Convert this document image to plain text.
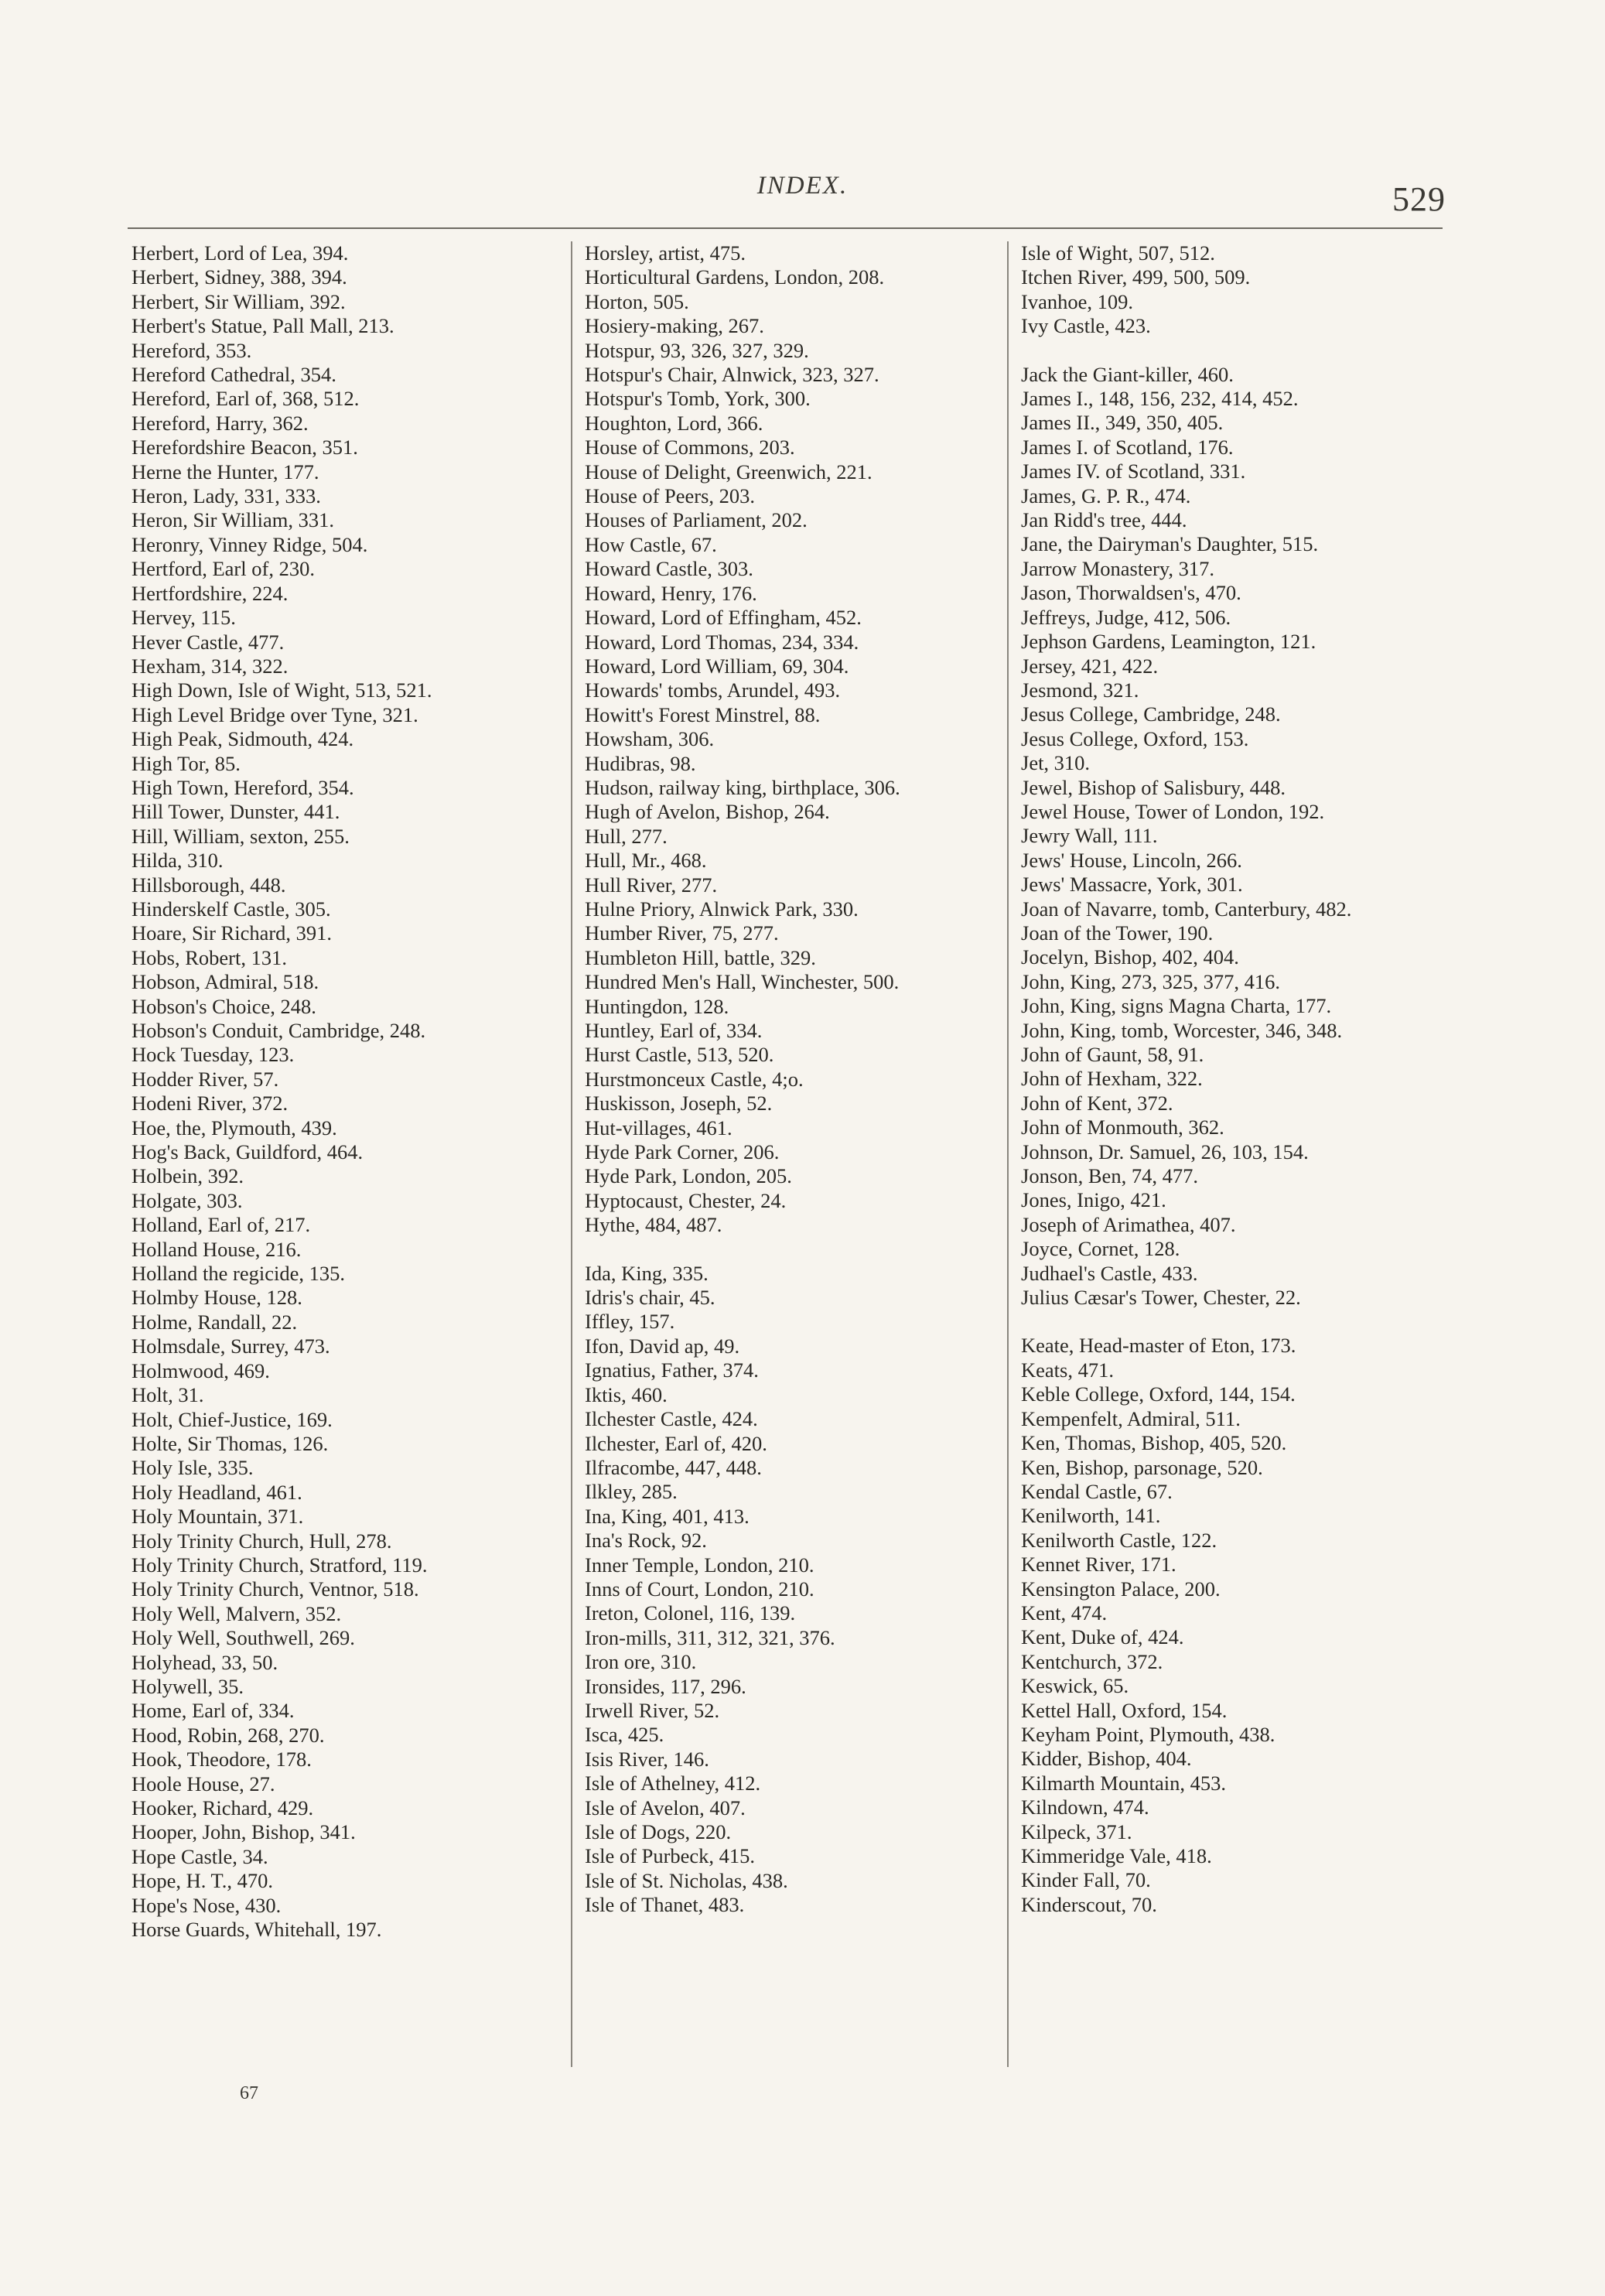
INDEX.	529
Herbert, Lord of Lea, 394.
Herbert, Sidney, 388, 394.
Herbert, Sir William, 392.
Herbert's Statue, Pall Mall, 213.
Hereford, 353.
Hereford Cathedral, 354.
Hereford, Earl of, 368, 512.
Hereford, Harry, 362.
Herefordshire Beacon, 351.
Herne the Hunter, 177.
Heron, Lady, 331, 333.
Heron, Sir William, 331.
Heronry, Vinney Ridge, 504.
Hertford, Earl of, 230.
Hertfordshire, 224.
Hervey, 115.
Hever Castle, 477.
Hexham, 314, 322.
High Down, Isle of Wight, 513, 521.
High Level Bridge over Tyne, 321.
High Peak, Sidmouth, 424.
High Tor, 85.
High Town, Hereford, 354.
Hill Tower, Dunster, 441.
Hill, William, sexton, 255.
Hilda, 310.
Hillsborough, 448.
Hinderskelf Castle, 305.
Hoare, Sir Richard, 391.
Hobs, Robert, 131.
Hobson, Admiral, 518.
Hobson's Choice, 248.
Hobson's Conduit, Cambridge, 248.
Hock Tuesday, 123.
Hodder River, 57.
Hodeni River, 372.
Hoe, the, Plymouth, 439.
Hog's Back, Guildford, 464.
Holbein, 392.
Holgate, 303.
Holland, Earl of, 217.
Holland House, 216.
Holland the regicide, 135.
Holmby House, 128.
Holme, Randall, 22.
Holmsdale, Surrey, 473.
Holmwood, 469.
Holt, 31.
Holt, Chief-Justice, 169.
Holte, Sir Thomas, 126.
Holy Isle, 335.
Holy Headland, 461.
Holy Mountain, 371.
Holy Trinity Church, Hull, 278.
Holy Trinity Church, Stratford, 119.
Holy Trinity Church, Ventnor, 518.
Holy Well, Malvern, 352.
Holy Well, Southwell, 269.
Holyhead, 33, 50.
Holywell, 35.
Home, Earl of, 334.
Hood, Robin, 268, 270.
Hook, Theodore, 178.
Hoole House, 27.
Hooker, Richard, 429.
Hooper, John, Bishop, 341.
Hope Castle, 34.
Hope, H. T., 470.
Hope's Nose, 430.
Horse Guards, Whitehall, 197.
Horsley, artist, 475.
Horticultural Gardens, London, 208.
Horton, 505.
Hosiery-making, 267.
Hotspur, 93, 326, 327, 329.
Hotspur's Chair, Alnwick, 323, 327.
Hotspur's Tomb, York, 300.
Houghton, Lord, 366.
House of Commons, 203.
House of Delight, Greenwich, 221.
House of Peers, 203.
Houses of Parliament, 202.
How Castle, 67.
Howard Castle, 303.
Howard, Henry, 176.
Howard, Lord of Effingham, 452.
Howard, Lord Thomas, 234, 334.
Howard, Lord William, 69, 304.
Howards' tombs, Arundel, 493.
Howitt's Forest Minstrel, 88.
Howsham, 306.
Hudibras, 98.
Hudson, railway king, birthplace, 306.
Hugh of Avelon, Bishop, 264.
Hull, 277.
Hull, Mr., 468.
Hull River, 277.
Hulne Priory, Alnwick Park, 330.
Humber River, 75, 277.
Humbleton Hill, battle, 329.
Hundred Men's Hall, Winchester, 500.
Huntingdon, 128.
Huntley, Earl of, 334.
Hurst Castle, 513, 520.
Hurstmonceux Castle, 4;o.
Huskisson, Joseph, 52.
Hut-villages, 461.
Hyde Park Corner, 206.
Hyde Park, London, 205.
Hyptocaust, Chester, 24.
Hythe, 484, 487.
Ida, King, 335.
Idris's chair, 45.
Iffley, 157.
Ifon, David ap, 49.
Ignatius, Father, 374.
Iktis, 460.
Ilchester Castle, 424.
Ilchester, Earl of, 420.
Ilfracombe, 447, 448.
Ilkley, 285.
Ina, King, 401, 413.
Ina's Rock, 92.
Inner Temple, London, 210.
Inns of Court, London, 210.
Ireton, Colonel, 116, 139.
Iron-mills, 311, 312, 321, 376.
Iron ore, 310.
Ironsides, 117, 296.
Irwell River, 52.
Isca, 425.
Isis River, 146.
Isle of Athelney, 412.
Isle of Avelon, 407.
Isle of Dogs, 220.
Isle of Purbeck, 415.
Isle of St. Nicholas, 438.
Isle of Thanet, 483.
Isle of Wight, 507, 512.
Itchen River, 499, 500, 509.
Ivanhoe, 109.
Ivy Castle, 423.
Jack the Giant-killer, 460.
James I., 148, 156, 232, 414, 452.
James II., 349, 350, 405.
James I. of Scotland, 176.
James IV. of Scotland, 331.
James, G. P. R., 474.
Jan Ridd's tree, 444.
Jane, the Dairyman's Daughter, 515.
Jarrow Monastery, 317.
Jason, Thorwaldsen's, 470.
Jeffreys, Judge, 412, 506.
Jephson Gardens, Leamington, 121.
Jersey, 421, 422.
Jesmond, 321.
Jesus College, Cambridge, 248.
Jesus College, Oxford, 153.
Jet, 310.
Jewel, Bishop of Salisbury, 448.
Jewel House, Tower of London, 192.
Jewry Wall, 111.
Jews' House, Lincoln, 266.
Jews' Massacre, York, 301.
Joan of Navarre, tomb, Canterbury, 482.
Joan of the Tower, 190.
Jocelyn, Bishop, 402, 404.
John, King, 273, 325, 377, 416.
John, King, signs Magna Charta, 177.
John, King, tomb, Worcester, 346, 348.
John of Gaunt, 58, 91.
John of Hexham, 322.
John of Kent, 372.
John of Monmouth, 362.
Johnson, Dr. Samuel, 26, 103, 154.
Jonson, Ben, 74, 477.
Jones, Inigo, 421.
Joseph of Arimathea, 407.
Joyce, Cornet, 128.
Judhael's Castle, 433.
Julius Cæsar's Tower, Chester, 22.
Keate, Head-master of Eton, 173.
Keats, 471.
Keble College, Oxford, 144, 154.
Kempenfelt, Admiral, 511.
Ken, Thomas, Bishop, 405, 520.
Ken, Bishop, parsonage, 520.
Kendal Castle, 67.
Kenilworth, 141.
Kenilworth Castle, 122.
Kennet River, 171.
Kensington Palace, 200.
Kent, 474.
Kent, Duke of, 424.
Kentchurch, 372.
Keswick, 65.
Kettel Hall, Oxford, 154.
Keyham Point, Plymouth, 438.
Kidder, Bishop, 404.
Kilmarth Mountain, 453.
Kilndown, 474.
Kilpeck, 371.
Kimmeridge Vale, 418.
Kinder Fall, 70.
Kinderscout, 70.
67
